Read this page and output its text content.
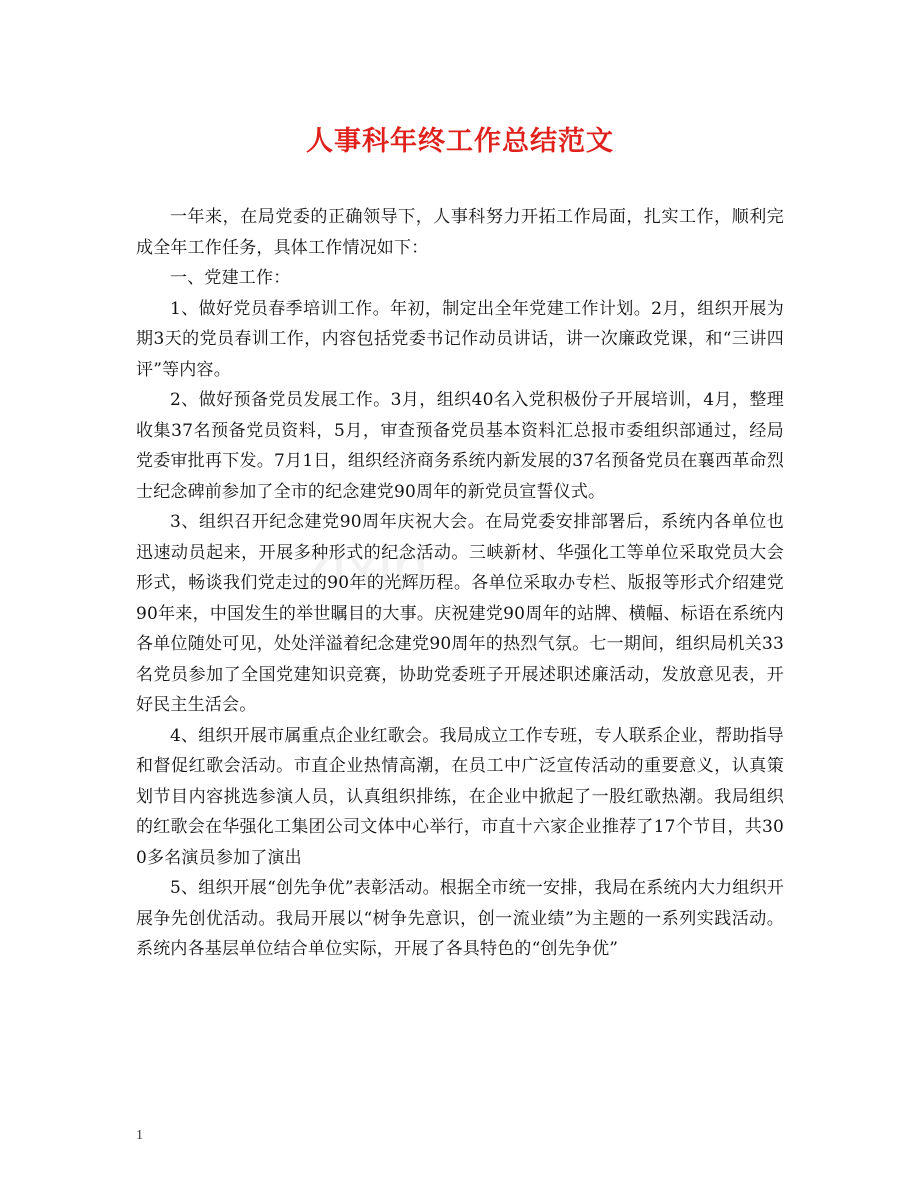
人事科年终工作总结范文
zixin

一年来，在局党委的正确领导下，人事科努力开拓工作局面，扎实工作，顺利完成全年工作任务，具体工作情况如下：

一、党建工作：

1、做好党员春季培训工作。年初，制定出全年党建工作计划。2月，组织开展为期3天的党员春训工作，内容包括党委书记作动员讲话，讲一次廉政党课，和“三讲四评”等内容。

2、做好预备党员发展工作。3月，组织40名入党积极份子开展培训，4月，整理收集37名预备党员资料，5月，审查预备党员基本资料汇总报市委组织部通过，经局党委审批再下发。7月1日，组织经济商务系统内新发展的37名预备党员在襄西革命烈士纪念碑前参加了全市的纪念建党90周年的新党员宣誓仪式。

3、组织召开纪念建党90周年庆祝大会。在局党委安排部署后，系统内各单位也迅速动员起来，开展多种形式的纪念活动。三峡新材、华强化工等单位采取党员大会形式，畅谈我们党走过的90年的光辉历程。各单位采取办专栏、版报等形式介绍建党90年来，中国发生的举世瞩目的大事。庆祝建党90周年的站牌、横幅、标语在系统内各单位随处可见，处处洋溢着纪念建党90周年的热烈气氛。七一期间，组织局机关33名党员参加了全国党建知识竞赛，协助党委班子开展述职述廉活动，发放意见表，开好民主生活会。

4、组织开展市属重点企业红歌会。我局成立工作专班，专人联系企业，帮助指导和督促红歌会活动。市直企业热情高潮，在员工中广泛宣传活动的重要意义，认真策划节目内容挑选参演人员，认真组织排练，在企业中掀起了一股红歌热潮。我局组织的红歌会在华强化工集团公司文体中心举行，市直十六家企业推荐了17个节目，共300多名演员参加了演出

5、组织开展“创先争优”表彰活动。根据全市统一安排，我局在系统内大力组织开展争先创优活动。我局开展以“树争先意识，创一流业绩”为主题的一系列实践活动。系统内各基层单位结合单位实际，开展了各具特色的“创先争优”

1
